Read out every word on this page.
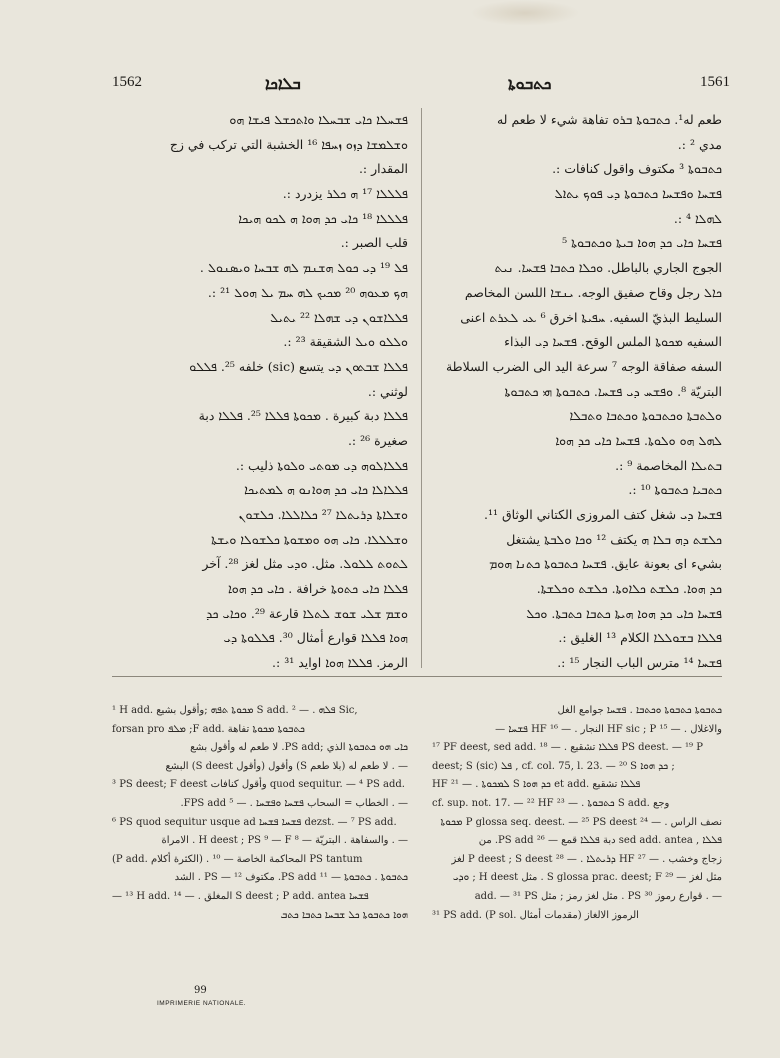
1562	ܒܠܐܟܐ	ܟܬܒܘܬܐ	1561
ܦܫܚܠܐ ܟܐܝ ܫܒܚܠܐ ܘܐܬܟܫܠ ܦܝܫܐ ܗܘ
ܘܫܠܡܫܐ ܕܙܘ ܙܚܦܐ ¹⁶ الخشبة التي تركب في زج
المقدار :.
ܦܠܠܠܐ ¹⁷ ܗ ܟܠܪ يزدرد :.
ܦܠܠܠܐ ¹⁸ ܟܐܝ ܟܕ ܗܘܐ ܗ ܠܟܘ ܗܝܟܐ
قلب الصبر :.
ܦܠ ¹⁹ ܕܝ ܟܘܠ ܗܫܢܡ ܠܗ ܫܒܚܐ ܘܝܣܢܘܠ .
ܗܟ ܡܥܘܗ ²⁰ ܡܟܝܟ ܠܗ ܚܡ ܝܠ ܗܘܠ ²¹ :.
ܦܠܠܐܫܘܢ ܕܝ ܫܗܠܐ ²² ܝܬܝܠ
ܘܠܠܘ ܘܝܠ الشقيقة ²³ :.
ܦܠܠܐ ܫܒܬܘܢ ܕܝ يتسع (sic) خلفه ²⁵. ܦܠܠܘ
لوثني :.
ܦܠܠܐ دبة كبيرة . ܡܟܘܬܐ ܦܠܠܐ ²⁵. ܦܠܠܐ دبة
صغيرة ²⁶ :.
ܦܠܠܐܠܘܗ ܕܝ ܡܘܬܝ ܘܠܘܬܐ ذليب :.
ܦܠܠܐܠܐ ܟܐܝ ܟܕ ܗܘܐܢܘ ܗ ܠܡܬܝܟܐ
ܘܫܠܐܬܐ ܕܪܝܬܠܐ ²⁷ ܟܠܐܠܠܐ. ܟܠܫܘܢ
ܘܫܠܠܠܐ. ܟܐܝ ܗܘ ܘܡܫܘܬܐ ܟܠܫܘܠܐ ܘܝܫܬܐ
ܠܬܘܬ ܠܠܘܠ. مثل. ܘܕܝ مثل لغز ²⁸. آخر
ܦܠܠܐ ܟܐܝ ܟܬܘܬܐ خرافة . ܟܐܝ ܟܕ ܗܘܐ
ܘܫܡ ܫܠܝ ܫܘܫ ܠܬܠܐ قارعة ²⁹. ܘܟܐܝ ܟܕ
ܗܘܐ ܦܠܠܐ قوارع أمثال ³⁰. ܦܠܠܘܬܐ ܕܝ
الرمز. ܦܠܠܐ ܗܘܐ اوايد ³¹ :.
طعم له¹. ܟܬܒܘܬܐ ܒܪܘ تفاهة شيء لا طعم له
مدي ² :.
ܟܬܒܘܬܐ ³ مكتوف واقول كنافات :.
ܦܫܚܐ ܘܦܫܚܐ ܟܬܒܘܬܐ ܕܝ ܦܘܟ ܝܬܐܠ
ܠܗܠܐ ⁴ :.
ܦܫܚܐ ܟܐܝ ܟܕ ܗܘܐ ܒܝܬܐ ܘܟܬܒܘܬܐ ⁵
الجوج الجاري بالباطل. ܘܟܠܐ ܟܬܒܐ ܦܫܚܐ. ܢܝܬ
ܟܐܠ رجل وقاح صفيق الوجه. ܝܢܫܐ اللسن المخاصم
السليط البذيّ السفيه. ܚܦܝܬܐ اخرق ⁶ ܥܝ ܠܥܪܬ اعنى
السفيه ܡܟܘܬܐ الملس الوقح. ܦܫܚܐ ܕܝ البذاء
السفه صفاقة الوجه ⁷ سرعة اليد الى الضرب السلاطة
البتريّة ⁸. ܘܦܫܚ ܕܝ ܦܫܚܐ. ܟܬܒܘܬܐ ܗܝ ܟܬܒܘܬܐ
ܘܠܬܒܬܐ ܘܟܬܒܘܬܐ ܘܟܬܒܐ ܘܬܒܠܐ
ܠܗܠ ܗܘ ܘܠܘܬܐ. ܦܫܚܐ ܟܐܝ ܟܕ ܗܘܐ
ܒܬܝܠܐ المخاصمة ⁹ :.
ܟܬܒܝܐ ܟܬܒܘܬܐ ¹⁰ :.
ܦܫܚܐ ܕܝ شغل كتف المروزى الكتاني الوثاق ¹¹.
ܟܠܫܬ ܕܗ ܒܠܐ ܗ يكتف ¹² ܘܟܐ ܘܠܒܬܐ يشتغل
بشيء اى بعونة عايق. ܦܫܚܐ ܟܬܒܘܬܐ ܟܬܢܐ ܗܘܡ
ܟܕ ܗܘܐ. ܟܠܫܬ ܟܠܐܘܬܐ. ܟܠܫܬ ܘܟܠܫܬܐ.
ܦܫܚܐ ܟܐܝ ܟܕ ܗܘܐ ܗܝܬܐ ܟܬܒܐ ܟܬܒܬܐ. ܘܟܠ
ܦܠܠܐ ܒܫܘܠܠܐ الكلام ¹³ الغليق :.
ܦܫܚܐ ¹⁴ مترس الباب النجار ¹⁵ :.
¹ H add. ܡܟܘܬܐ ܬܦܗ ;وأقول بشيع S add. ܦܠܗ . — ² Sic,
forsan pro ܡܠܦ ;F add. ܟܬܒܘܬܐ ܡܟܘܬܐ تفاهة
ܟܐܝ ܗܘ ܟܬܒܘܬܐ الذي ;PS add. لا طعم له وأقول بشع
— . لا طعم له (بلا طعم S) وأقول (وأقول S deest) البشع
³ PS deest; F deest وأقول كنافات quod sequitur. — ⁴ PS add.
— . الخطاب = السحاب ܦܫܚܐ ܘܦܫܚܐ . — ⁵ FPS add.
⁶ PS quod sequitur usque ad ܦܫܚܐ ܦܫܚܐ dezst. — ⁷ PS add.
— . والسفاهة . البتريّة — ⁸ H deest ; PS ⁹ — F . الامراة
(P add. الكثرة أكلام) . المحاكمة الخاصة — ¹⁰ PS tantum
ܟܬܒܘܬܐ . ܟܬܒܘܬܐ — ¹¹ PS add. مكتوف PS — ¹² . الشد
— ¹³ H add. المغلق . — ¹⁴ S deest ; P add. antea ܦܫܚܐ
ܗܘܐ ܟܬܒܘܬܐ ܟܠ ܫܒܚܐ ܟܬܒܐ ܟܬܒ
ܟܬܒܘܬܐ ܟܬܒܘܬܐ ܘܟܬܒܐ . ܦܫܚܐ جوامع الغل
والاغلال . — ¹⁵ HF sic ; P النجار . — ¹⁶ HF ܦܫܚܐ —
¹⁷ PF deest, sed add. ܦܠܠܐ تشقيع . — ¹⁸ PS deest. — ¹⁹ P
deest; S (sic) ܦܠ , cf. col. 75, l. 23. — ²⁰ S ܟܕ ܗܘܐ ;
HF ܠܡܟܘܬܐ . — ²¹ S ܟܕ ܗܘܐ et add. ܦܠܠܐ تشقيع
cf. sup. not. 17. — ²² HF ܟܬܒܘܬܐ . — ²³ S add. وجع
نصف الراس . — ²⁴ P glossa seq. deest. — ²⁵ PS deest ܡܟܘܬܐ
ܦܠܠܐ , sed add. antea دبة ܦܠܠܐ قمع — ²⁶ PS add. من
زجاج وخشب . — ²⁷ HF ܕܪܝܬܠܐ . — ²⁸ P deest ; S deest لغز
مثل لغز — ²⁹ S glossa prac. deest; F . مثل H deest ; ܘܕܝ
— . قوارع رموز ³⁰ PS . مثل لغز رمز ; مثل add. — ³¹ PS
³¹ PS add. (P sol. مقدمات أمثال) الرموز الالغاز
99
IMPRIMERIE NATIONALE.
